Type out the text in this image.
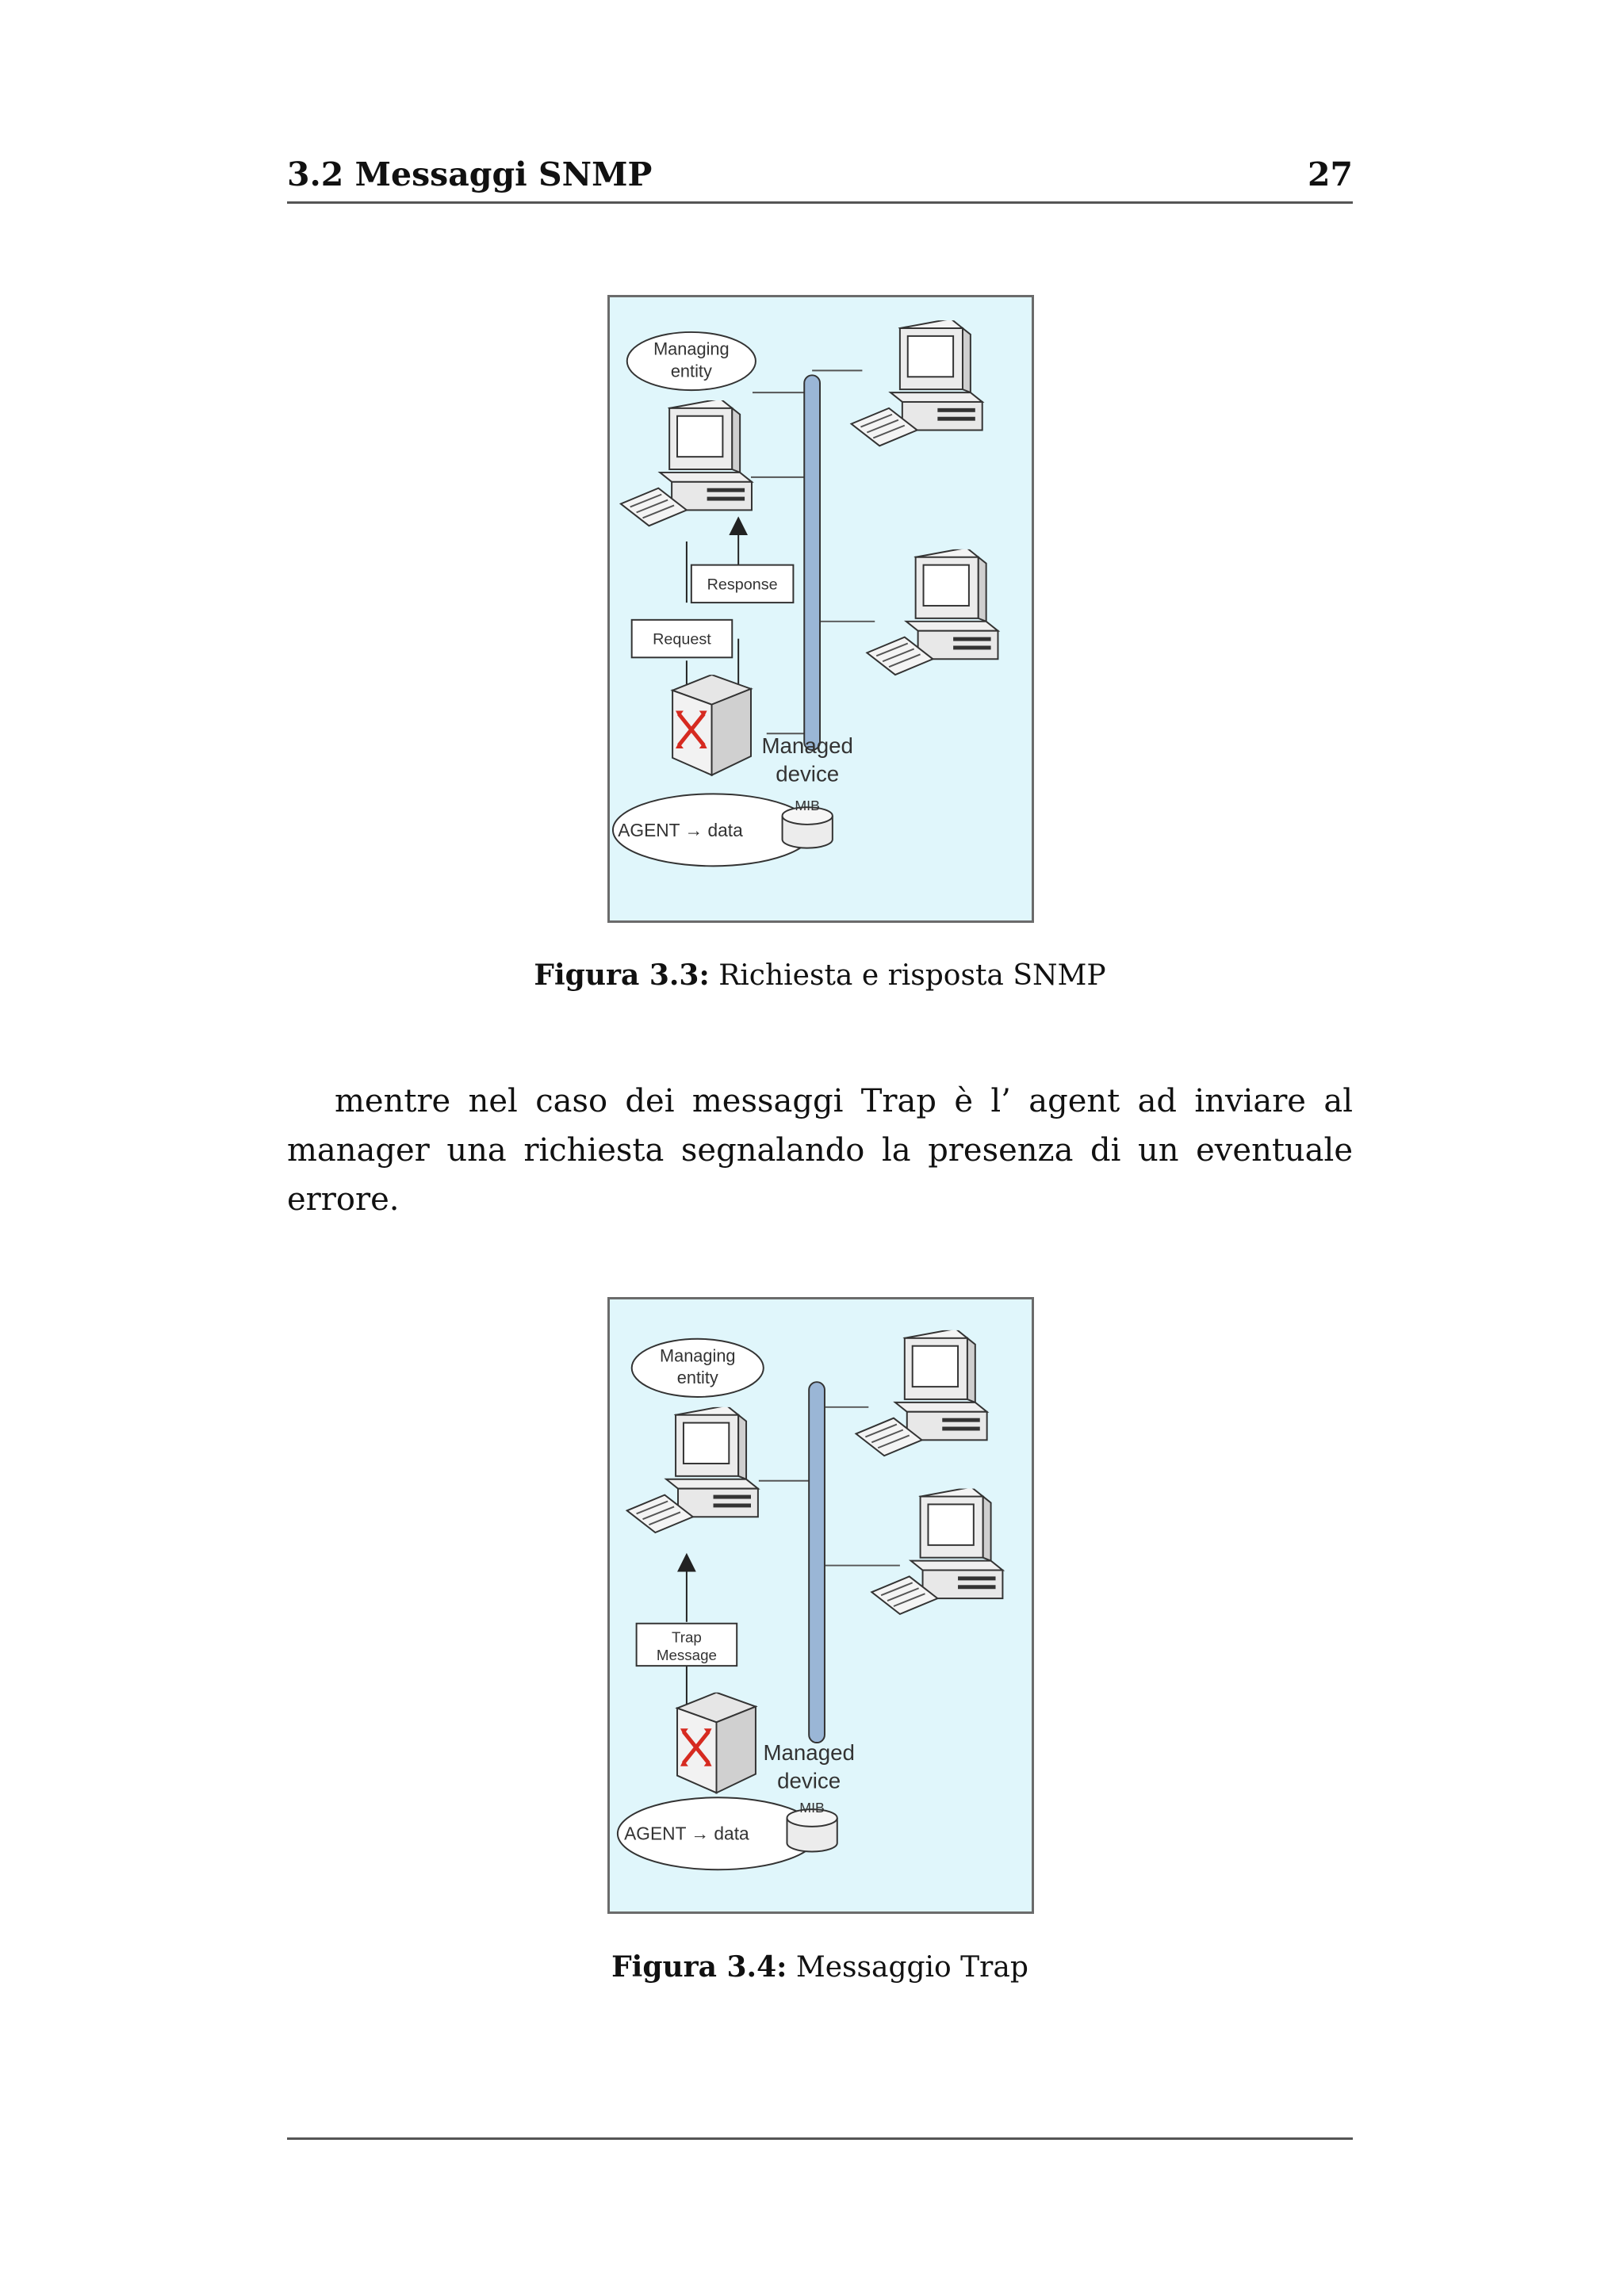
3.2 Messaggi SNMP	27
Managing
entity
Response
Request
Managed
device
AGENT → data
MIB
Figura 3.3: Richiesta e risposta SNMP
mentre nel caso dei messaggi Trap è l’ agent ad inviare al manager una richiesta segnalando la presenza di un eventuale errore.
Managing
entity
Trap
Message
Managed
device
AGENT → data
MIB
Figura 3.4: Messaggio Trap
